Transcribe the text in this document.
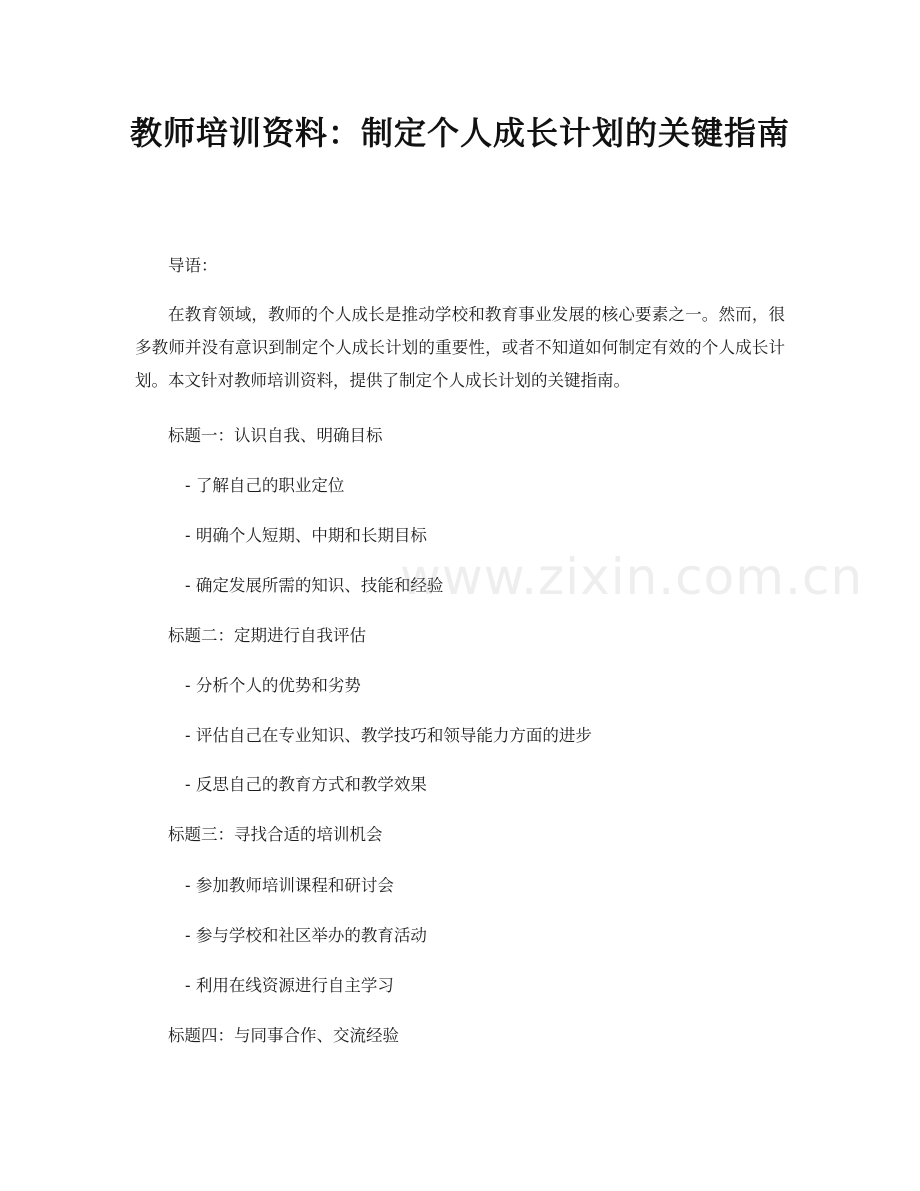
教师培训资料：制定个人成长计划的关键指南
导语：
在教育领域，教师的个人成长是推动学校和教育事业发展的核心要素之一。然而，很多教师并没有意识到制定个人成长计划的重要性，或者不知道如何制定有效的个人成长计划。本文针对教师培训资料，提供了制定个人成长计划的关键指南。
标题一：认识自我、明确目标
- 了解自己的职业定位
- 明确个人短期、中期和长期目标
- 确定发展所需的知识、技能和经验
标题二：定期进行自我评估
- 分析个人的优势和劣势
- 评估自己在专业知识、教学技巧和领导能力方面的进步
- 反思自己的教育方式和教学效果
标题三：寻找合适的培训机会
- 参加教师培训课程和研讨会
- 参与学校和社区举办的教育活动
- 利用在线资源进行自主学习
标题四：与同事合作、交流经验
www.zixin.com.cn
